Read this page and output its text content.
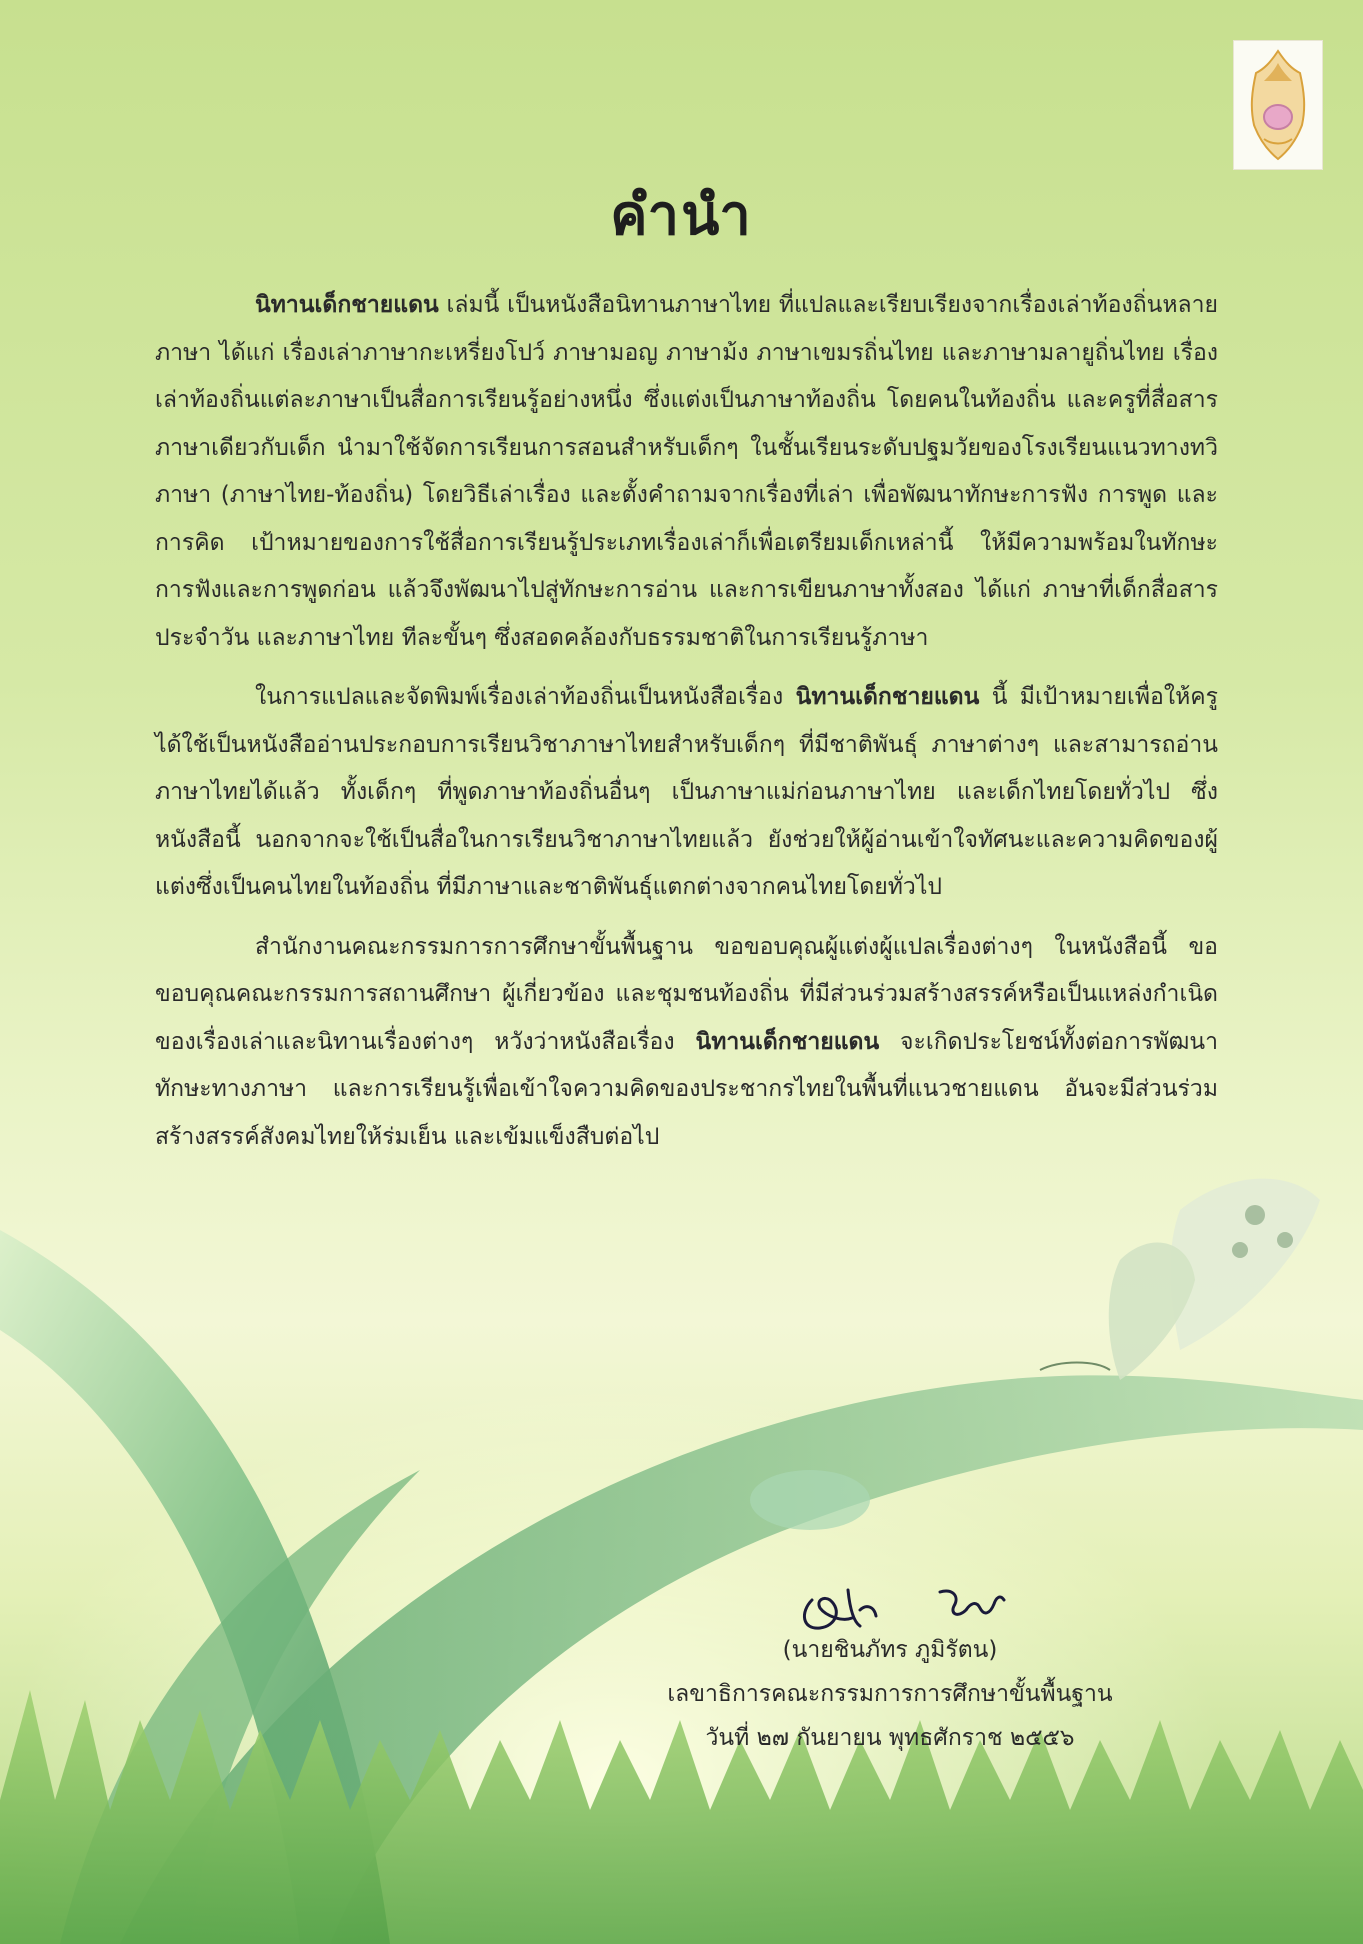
คำนำ

นิทานเด็กชายแดน เล่มนี้ เป็นหนังสือนิทานภาษาไทย ที่แปลและเรียบเรียงจากเรื่องเล่าท้องถิ่นหลายภาษา ได้แก่ เรื่องเล่าภาษากะเหรี่ยงโปว์ ภาษามอญ ภาษาม้ง ภาษาเขมรถิ่นไทย และภาษามลายูถิ่นไทย เรื่องเล่าท้องถิ่นแต่ละภาษาเป็นสื่อการเรียนรู้อย่างหนึ่ง ซึ่งแต่งเป็นภาษาท้องถิ่น โดยคนในท้องถิ่น และครูที่สื่อสารภาษาเดียวกับเด็ก นำมาใช้จัดการเรียนการสอนสำหรับเด็กๆ ในชั้นเรียนระดับปฐมวัยของโรงเรียนแนวทางทวิภาษา (ภาษาไทย-ท้องถิ่น) โดยวิธีเล่าเรื่อง และตั้งคำถามจากเรื่องที่เล่า เพื่อพัฒนาทักษะการฟัง การพูด และการคิด เป้าหมายของการใช้สื่อการเรียนรู้ประเภทเรื่องเล่าก็เพื่อเตรียมเด็กเหล่านี้ ให้มีความพร้อมในทักษะการฟังและการพูดก่อน แล้วจึงพัฒนาไปสู่ทักษะการอ่าน และการเขียนภาษาทั้งสอง ได้แก่ ภาษาที่เด็กสื่อสารประจำวัน และภาษาไทย ทีละขั้นๆ ซึ่งสอดคล้องกับธรรมชาติในการเรียนรู้ภาษา

ในการแปลและจัดพิมพ์เรื่องเล่าท้องถิ่นเป็นหนังสือเรื่อง นิทานเด็กชายแดน นี้ มีเป้าหมายเพื่อให้ครูได้ใช้เป็นหนังสืออ่านประกอบการเรียนวิชาภาษาไทยสำหรับเด็กๆ ที่มีชาติพันธุ์ ภาษาต่างๆ และสามารถอ่านภาษาไทยได้แล้ว ทั้งเด็กๆ ที่พูดภาษาท้องถิ่นอื่นๆ เป็นภาษาแม่ก่อนภาษาไทย และเด็กไทยโดยทั่วไป ซึ่งหนังสือนี้ นอกจากจะใช้เป็นสื่อในการเรียนวิชาภาษาไทยแล้ว ยังช่วยให้ผู้อ่านเข้าใจทัศนะและความคิดของผู้แต่งซึ่งเป็นคนไทยในท้องถิ่น ที่มีภาษาและชาติพันธุ์แตกต่างจากคนไทยโดยทั่วไป

สำนักงานคณะกรรมการการศึกษาขั้นพื้นฐาน ขอขอบคุณผู้แต่งผู้แปลเรื่องต่างๆ ในหนังสือนี้ ขอขอบคุณคณะกรรมการสถานศึกษา ผู้เกี่ยวข้อง และชุมชนท้องถิ่น ที่มีส่วนร่วมสร้างสรรค์หรือเป็นแหล่งกำเนิดของเรื่องเล่าและนิทานเรื่องต่างๆ หวังว่าหนังสือเรื่อง นิทานเด็กชายแดน จะเกิดประโยชน์ทั้งต่อการพัฒนาทักษะทางภาษา และการเรียนรู้เพื่อเข้าใจความคิดของประชากรไทยในพื้นที่แนวชายแดน อันจะมีส่วนร่วมสร้างสรรค์สังคมไทยให้ร่มเย็น และเข้มแข็งสืบต่อไป

(นายชินภัทร ภูมิรัตน)
เลขาธิการคณะกรรมการการศึกษาขั้นพื้นฐาน
วันที่ ๒๗ กันยายน พุทธศักราช ๒๕๕๖
